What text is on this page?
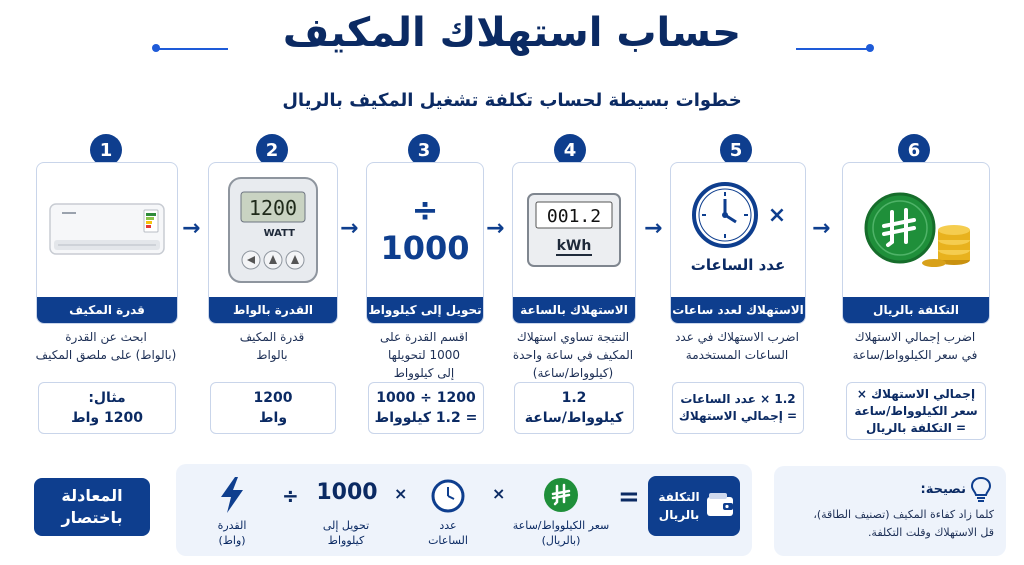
حساب استهلاك المكيف
خطوات بسيطة لحساب تكلفة تشغيل المكيف بالريال
1	2	3	4	5	6
→	→	→	→	→
قدرة المكيف
ابحث عن القدرة
(بالواط) على ملصق المكيف
مثال:
1200 واط
1200
WATT
القدرة بالواط
قدرة المكيف
بالواط
1200
واط
÷
1000
تحويل إلى كيلوواط
اقسم القدرة على
1000 لتحويلها
إلى كيلوواط
1200 ÷ 1000
= 1.2 كيلوواط
001.2
kWh
الاستهلاك بالساعة
النتيجة تساوي استهلاك
المكيف في ساعة واحدة
(كيلوواط/ساعة)
1.2
كيلوواط/ساعة
×
عدد الساعات
الاستهلاك لعدد ساعات
اضرب الاستهلاك في عدد
الساعات المستخدمة
1.2 × عدد الساعات
= إجمالي الاستهلاك
التكلفة بالريال
اضرب إجمالي الاستهلاك
في سعر الكيلوواط/ساعة
إجمالي الاستهلاك ×
سعر الكيلوواط/ساعة
= التكلفة بالريال
المعادلة
باختصار	القدرة
(واط)
÷ 1000
تحويل إلى
كيلوواط
×
عدد
الساعات
×
سعر الكيلوواط/ساعة
(بالريال)
=	التكلفة
بالريال
نصيحة:
كلما زاد كفاءة المكيف (تصنيف الطاقة)،
قل الاستهلاك وقلت التكلفة.
